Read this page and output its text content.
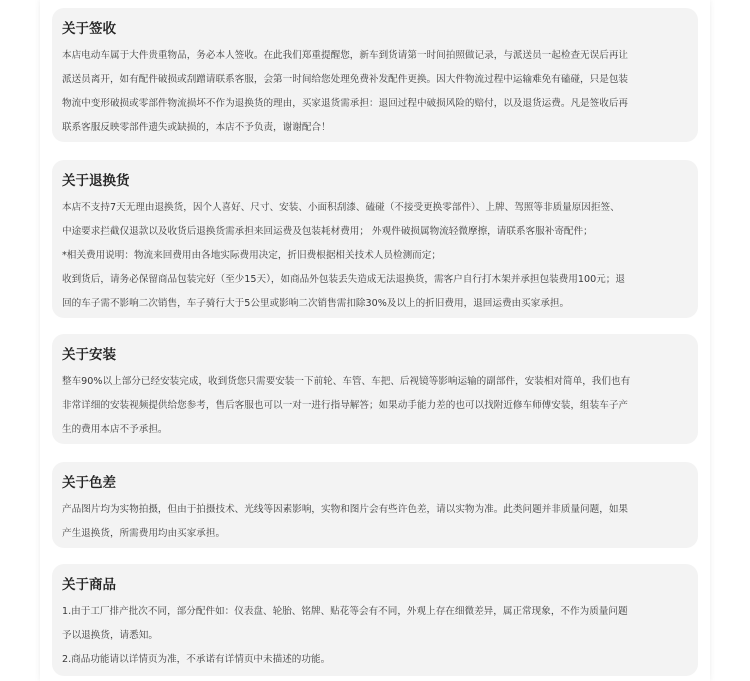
关于签收
本店电动车属于大件贵重物品，务必本人签收。在此我们郑重提醒您，新车到货请第一时间拍照做记录，与派送员一起检查无误后再让
派送员离开，如有配件破损或刮蹭请联系客服，会第一时间给您处理免费补发配件更换。因大件物流过程中运输难免有磕碰，只是包装
物流中变形破损或零部件物流损坏不作为退换货的理由，买家退货需承担：退回过程中破损风险的赔付，以及退货运费。凡是签收后再
联系客服反映零部件遗失或缺损的，本店不予负责，谢谢配合！
关于退换货
本店不支持7天无理由退换货，因个人喜好、尺寸、安装、小面积刮漆、磕碰（不接受更换零部件）、上牌、驾照等非质量原因拒签、
中途要求拦截仅退款以及收货后退换货需承担来回运费及包装耗材费用； 外观件破损属物流轻微摩擦，请联系客服补寄配件；
*相关费用说明：物流来回费用由各地实际费用决定，折旧费根据相关技术人员检测而定；
收到货后，请务必保留商品包装完好（至少15天），如商品外包装丢失造成无法退换货，需客户自行打木架并承担包装费用100元；退
回的车子需不影响二次销售，车子骑行大于5公里或影响二次销售需扣除30%及以上的折旧费用，退回运费由买家承担。
关于安装
整车90%以上部分已经安装完成，收到货您只需要安装一下前轮、车管、车把、后视镜等影响运输的副部件，安装相对简单，我们也有
非常详细的安装视频提供给您参考，售后客服也可以一对一进行指导解答；如果动手能力差的也可以找附近修车师傅安装，组装车子产
生的费用本店不予承担。
关于色差
产品图片均为实物拍摄，但由于拍摄技术、光线等因素影响，实物和图片会有些许色差，请以实物为准。此类问题并非质量问题，如果
产生退换货，所需费用均由买家承担。
关于商品
1.由于工厂排产批次不同，部分配件如：仪表盘、轮胎、铭牌、贴花等会有不同，外观上存在细微差异，属正常现象，不作为质量问题
予以退换货，请悉知。
2.商品功能请以详情页为准，不承诺有详情页中未描述的功能。
